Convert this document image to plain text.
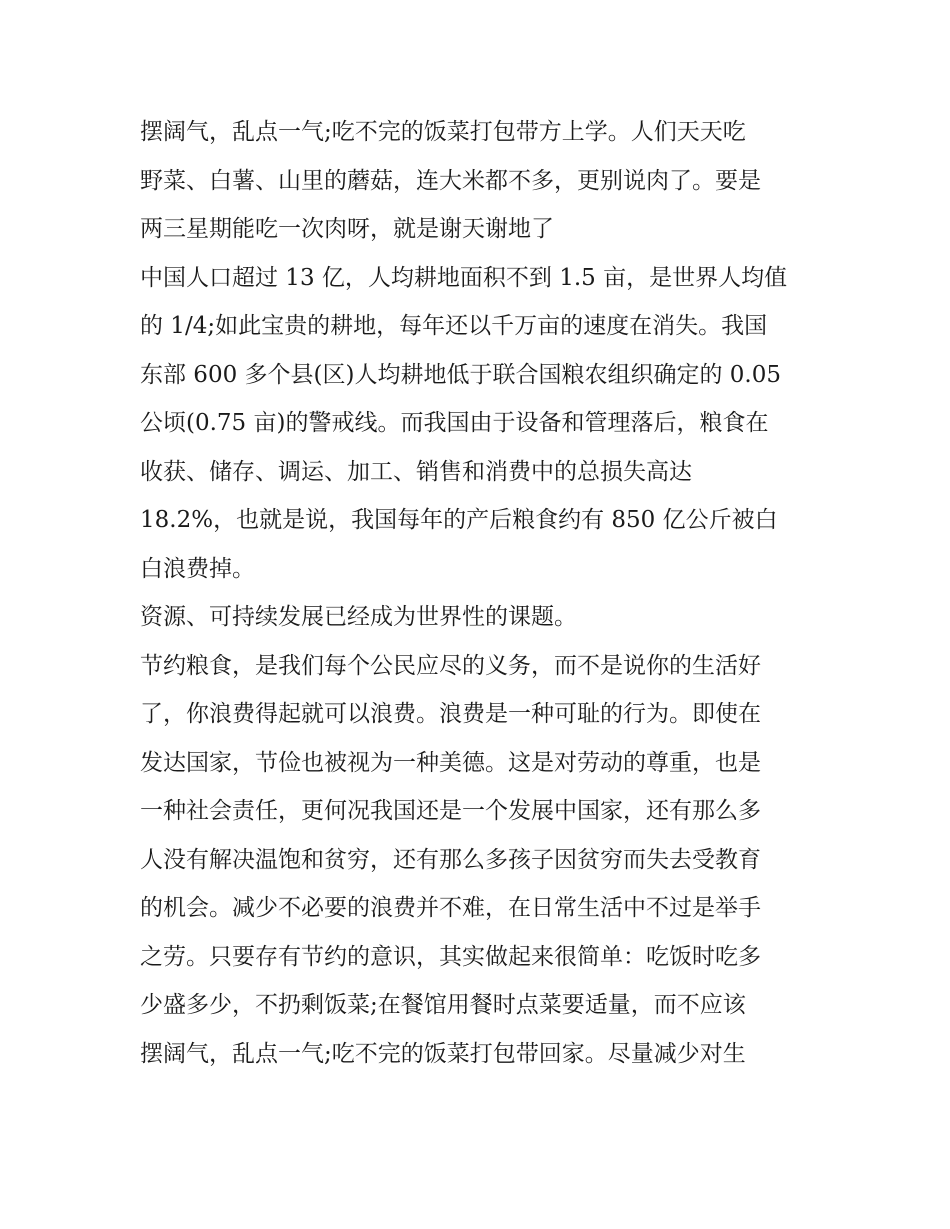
摆阔气，乱点一气;吃不完的饭菜打包带方上学。人们天天吃
野菜、白薯、山里的蘑菇，连大米都不多，更别说肉了。要是
两三星期能吃一次肉呀，就是谢天谢地了
中国人口超过 13 亿，人均耕地面积不到 1.5 亩，是世界人均值
的 1/4;如此宝贵的耕地，每年还以千万亩的速度在消失。我国
东部 600 多个县(区)人均耕地低于联合国粮农组织确定的 0.05
公顷(0.75 亩)的警戒线。而我国由于设备和管理落后，粮食在
收获、储存、调运、加工、销售和消费中的总损失高达
18.2%，也就是说，我国每年的产后粮食约有 850 亿公斤被白
白浪费掉。
资源、可持续发展已经成为世界性的课题。
节约粮食，是我们每个公民应尽的义务，而不是说你的生活好
了，你浪费得起就可以浪费。浪费是一种可耻的行为。即使在
发达国家，节俭也被视为一种美德。这是对劳动的尊重，也是
一种社会责任，更何况我国还是一个发展中国家，还有那么多
人没有解决温饱和贫穷，还有那么多孩子因贫穷而失去受教育
的机会。减少不必要的浪费并不难，在日常生活中不过是举手
之劳。只要存有节约的意识，其实做起来很简单：吃饭时吃多
少盛多少，不扔剩饭菜;在餐馆用餐时点菜要适量，而不应该
摆阔气，乱点一气;吃不完的饭菜打包带回家。尽量减少对生
